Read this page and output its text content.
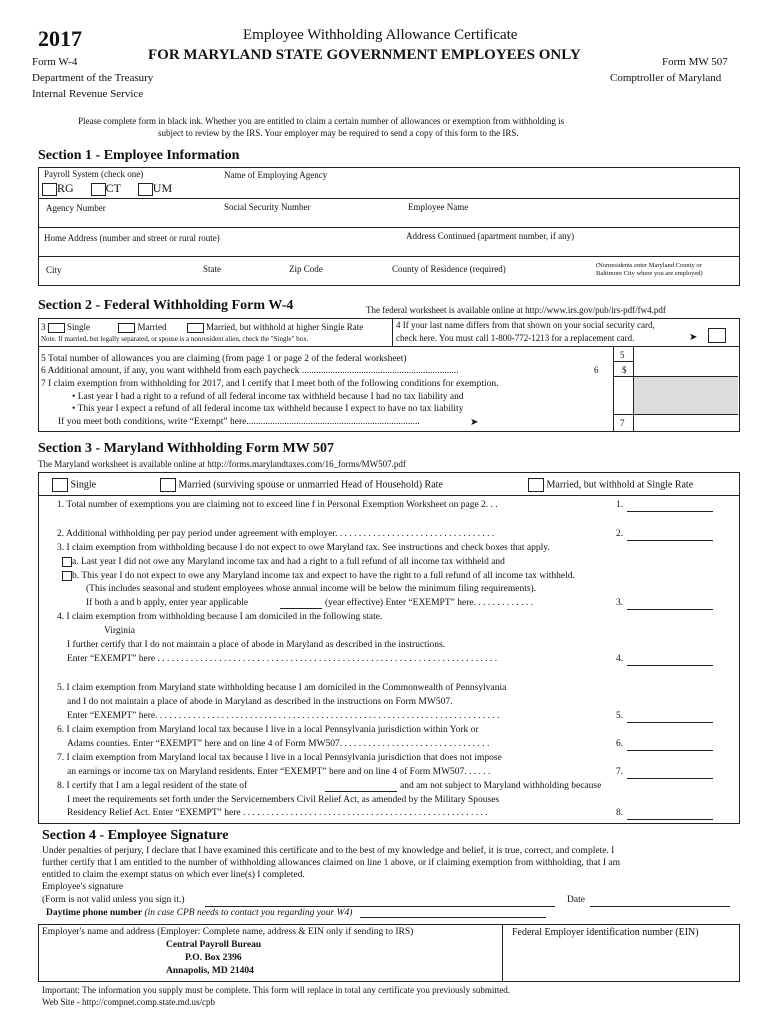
2017
Form W-4
Department of the Treasury
Internal Revenue Service
Employee Withholding Allowance Certificate
FOR MARYLAND STATE GOVERNMENT EMPLOYEES ONLY	Form MW 507
Comptroller of Maryland
Please complete form in black ink. Whether you are entitled to claim a certain number of allowances or exemption from withholding is
subject to review by the IRS. Your employer may be required to send a copy of this form to the IRS.
Section 1 - Employee Information
Payroll System (check one)
RG	CT	UM
Name of Employing Agency
Agency Number	Social Security Number	Employee Name
Home Address (number and street or rural route)	Address Continued (apartment number, if any)
City	State	Zip Code	County of Residence (required)	(Nonresidents enter Maryland County or
Baltimore City where you are employed)
Section 2 - Federal Withholding Form W-4	The federal worksheet is available online at http://www.irs.gov/pub/irs-pdf/fw4.pdf
3 Single	Married	Married, but withhold at higher Single Rate
Note. If married, but legally separated, or spouse is a nonresident alien, check the "Single" box.
4 If your last name differs from that shown on your social security card,
check here. You must call 1-800-772-1213 for a replacement card.	➤
5 Total number of allowances you are claiming (from page 1 or page 2 of the federal worksheet)
6 Additional amount, if any, you want withheld from each paycheck ..................................................................
7 I claim exemption from withholding for 2017, and I certify that I meet both of the following conditions for exemption.
• Last year I had a right to a refund of all federal income tax withheld because I had no tax liability and
• This year I expect a refund of all federal income tax withheld because I expect to have no tax liability
If you meet both conditions, write “Exempt” here.........................................................................	➤
5
6	$
7
Section 3 - Maryland Withholding Form MW 507
The Maryland worksheet is available online at http://forms.marylandtaxes.com/16_forms/MW507.pdf
Single	Married (surviving spouse or unmarried Head of Household) Rate	Married, but withhold at Single Rate
1. Total number of exemptions you are claiming not to exceed line f in Personal Exemption Worksheet on page 2. . .	1.
2. Additional withholding per pay period under agreement with employer. . . . . . . . . . . . . . . . . . . . . . . . . . . . . . . . . .	2.
3. I claim exemption from withholding because I do not expect to owe Maryland tax. See instructions and check boxes that apply.
a. Last year I did not owe any Maryland income tax and had a right to a full refund of all income tax withheld and
b. This year I do not expect to owe any Maryland income tax and expect to have the right to a full refund of all income tax withheld.
(This includes seasonal and student employees whose annual income will be below the minimum filing requirements).
If both a and b apply, enter year applicable	(year effective) Enter “EXEMPT” here. . . . . . . . . . . . .	3.
4. I claim exemption from withholding because I am domiciled in the following state.
Virginia
I further certify that I do not maintain a place of abode in Maryland as described in the instructions.
Enter “EXEMPT” here . . . . . . . . . . . . . . . . . . . . . . . . . . . . . . . . . . . . . . . . . . . . . . . . . . . . . . . . . . . . . . . . . . . . . . . .	4.
5. I claim exemption from Maryland state withholding because I am domiciled in the Commonwealth of Pennsylvania
and I do not maintain a place of abode in Maryland as described in the instructions on Form MW507.
Enter “EXEMPT” here. . . . . . . . . . . . . . . . . . . . . . . . . . . . . . . . . . . . . . . . . . . . . . . . . . . . . . . . . . . . . . . . . . . . . . . . .	5.
6. I claim exemption from Maryland local tax because I live in a local Pennsylvania jurisdiction within York or
Adams counties. Enter “EXEMPT” here and on line 4 of Form MW507. . . . . . . . . . . . . . . . . . . . . . . . . . . . . . . .	6.
7. I claim exemption from Maryland local tax because I live in a local Pennsylvania jurisdiction that does not impose
an earnings or income tax on Maryland residents. Enter “EXEMPT” here and on line 4 of Form MW507. . . . . .	7.
8. I certify that I am a legal resident of the state of	and am not subject to Maryland withholding because
I meet the requirements set forth under the Servicemembers Civil Relief Act, as amended by the Military Spouses
Residency Relief Act. Enter “EXEMPT” here . . . . . . . . . . . . . . . . . . . . . . . . . . . . . . . . . . . . . . . . . . . . . . . . . . . .	8.
Section 4 - Employee Signature
Under penalties of perjury, I declare that I have examined this certificate and to the best of my knowledge and belief, it is true, correct, and complete. I
further certify that I am entitled to the number of withholding allowances claimed on line 1 above, or if claiming exemption from withholding, that I am
entitled to claim the exempt status on which ever line(s) I completed.
Employee's signature
(Form is not valid unless you sign it.)	Date
Daytime phone number (in case CPB needs to contact you regarding your W4)
Employer's name and address (Employer: Complete name, address & EIN only if sending to IRS)	Federal Employer identification number (EIN)
Central Payroll Bureau
P.O. Box 2396
Annapolis, MD 21404
Important: The information you supply must be complete. This form will replace in total any certificate you previously submitted.
Web Site - http://compnet.comp.state.md.us/cpb
